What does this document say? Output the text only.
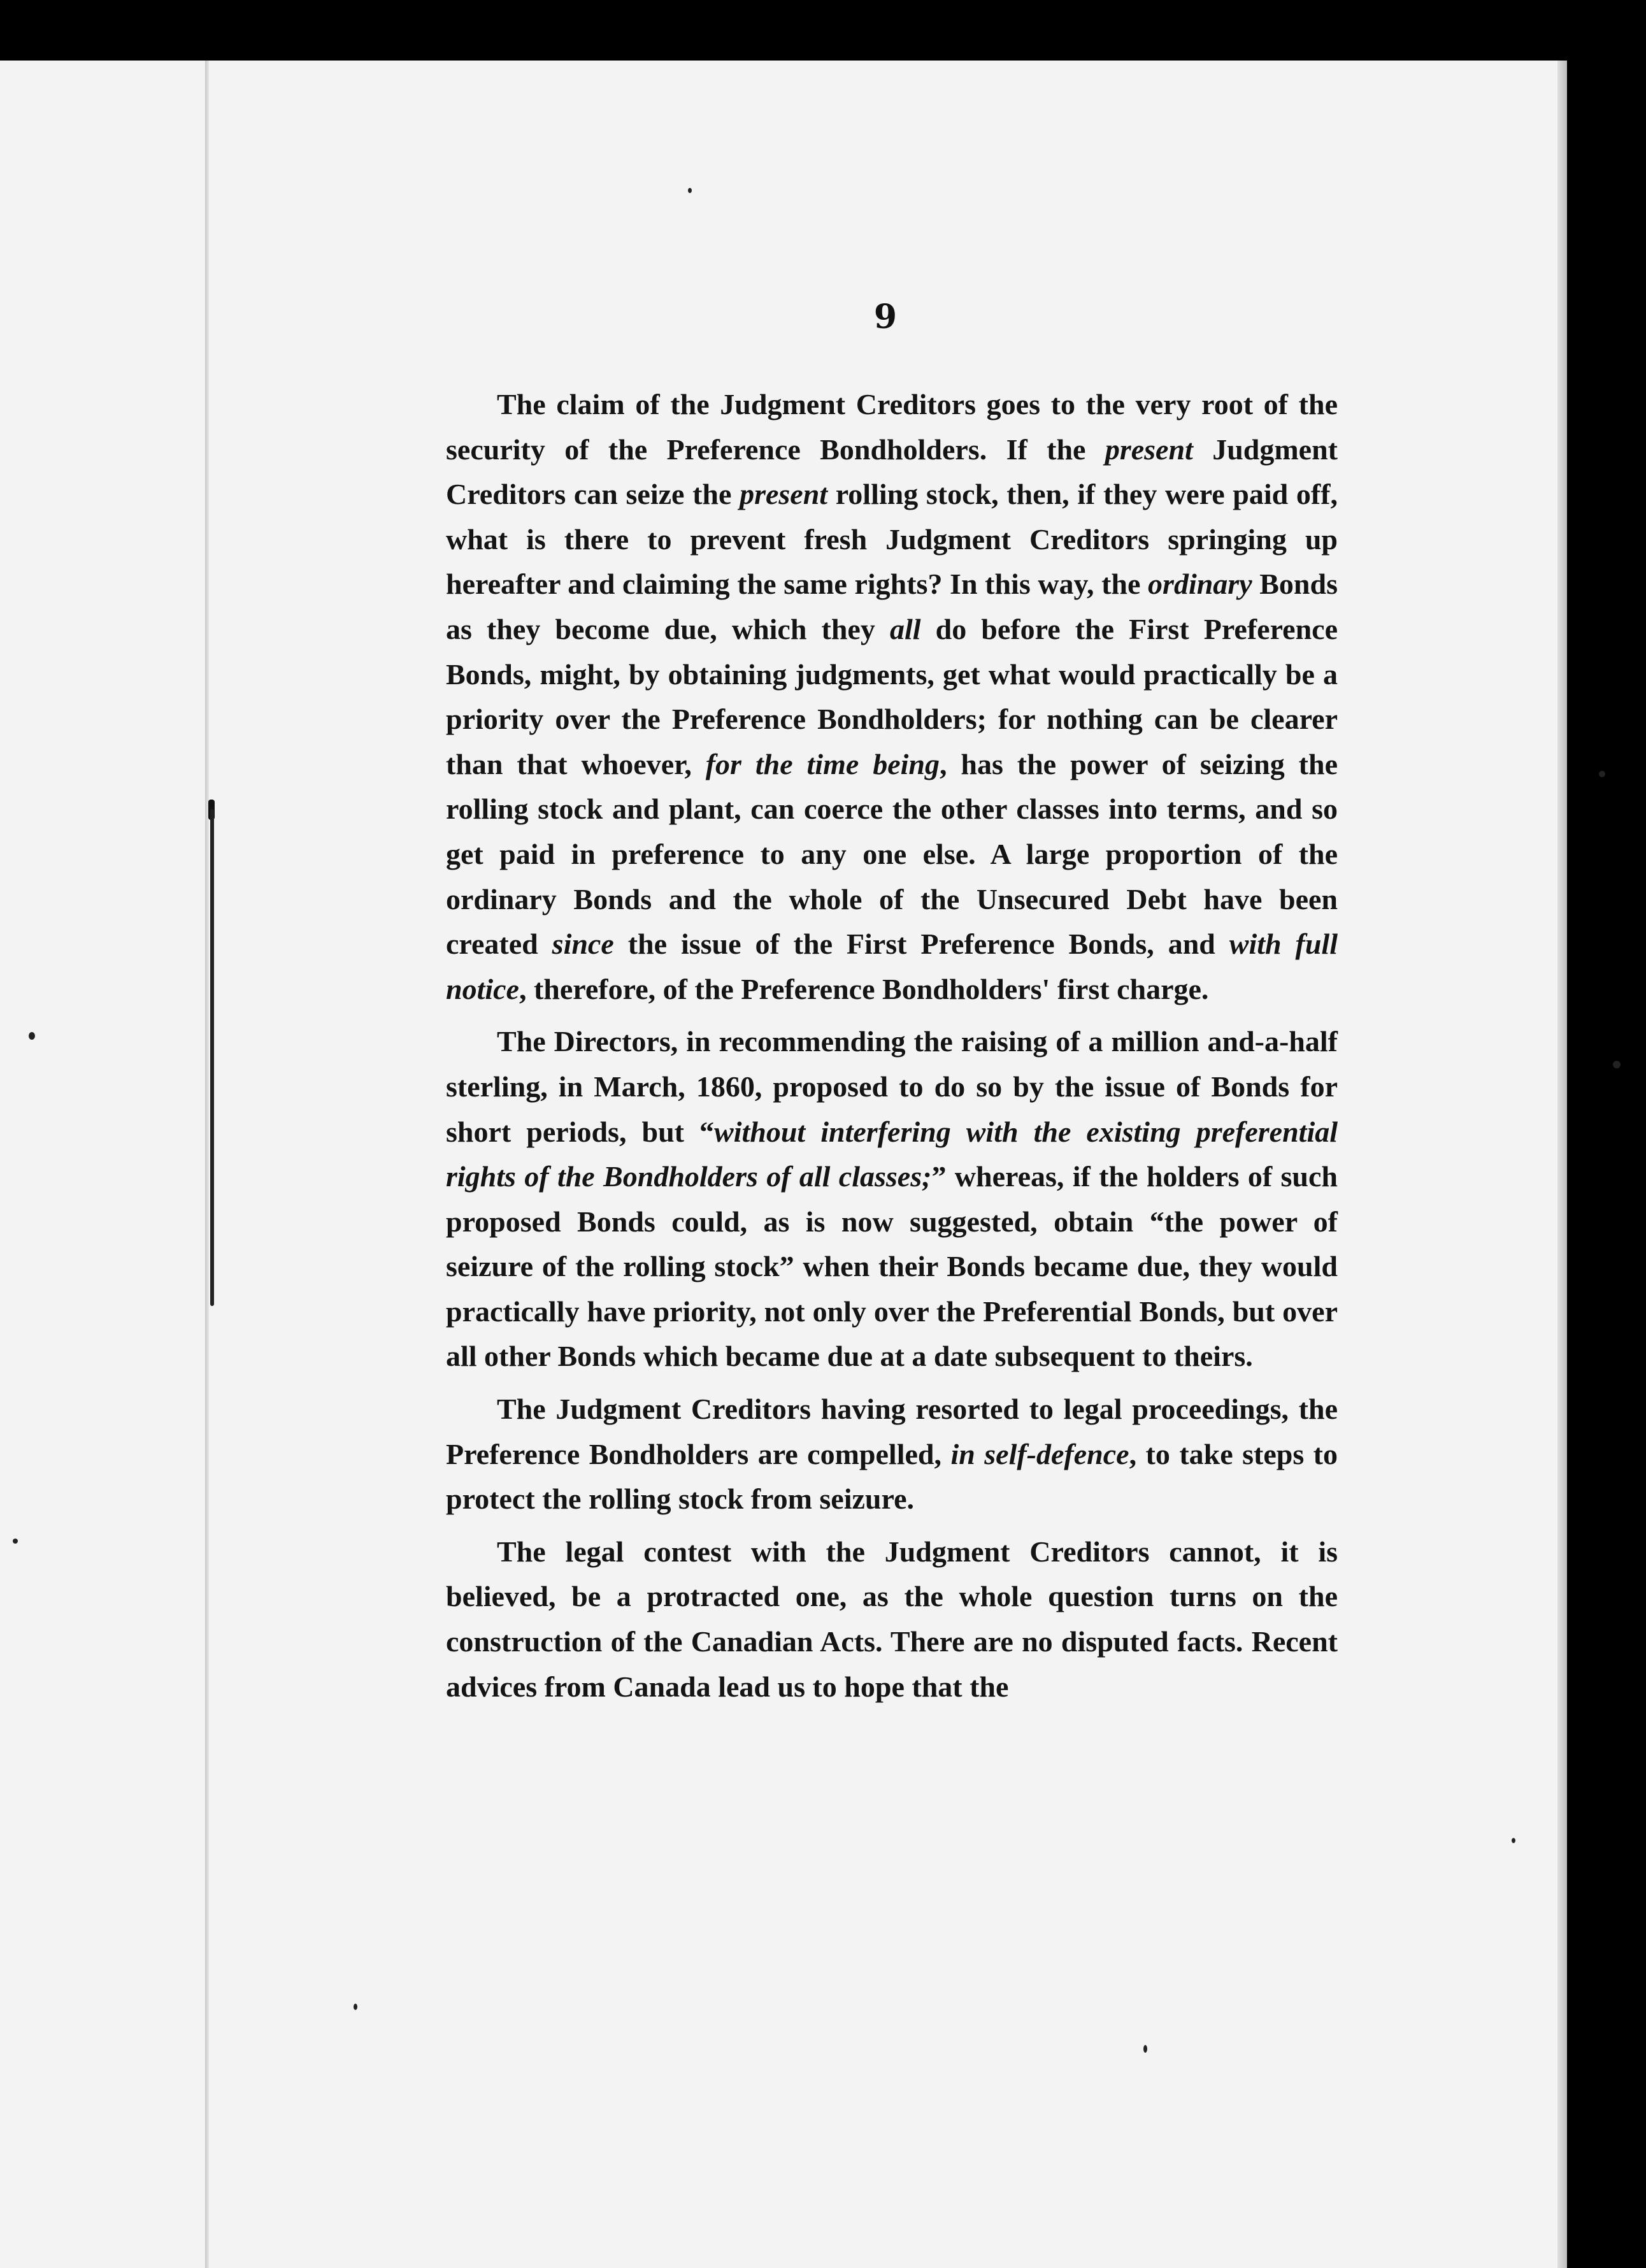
9

The claim of the Judgment Creditors goes to the very root of the security of the Preference Bondholders. If the present Judgment Creditors can seize the present rolling stock, then, if they were paid off, what is there to prevent fresh Judgment Creditors springing up hereafter and claiming the same rights? In this way, the ordinary Bonds as they become due, which they all do before the First Preference Bonds, might, by obtaining judgments, get what would practically be a priority over the Preference Bondholders; for nothing can be clearer than that whoever, for the time being, has the power of seizing the rolling stock and plant, can coerce the other classes into terms, and so get paid in preference to any one else. A large proportion of the ordinary Bonds and the whole of the Unsecured Debt have been created since the issue of the First Preference Bonds, and with full notice, therefore, of the Preference Bondholders' first charge.

The Directors, in recommending the raising of a million and-a-half sterling, in March, 1860, proposed to do so by the issue of Bonds for short periods, but “without interfering with the existing preferential rights of the Bondholders of all classes;” whereas, if the holders of such proposed Bonds could, as is now suggested, obtain “the power of seizure of the rolling stock” when their Bonds became due, they would practically have priority, not only over the Preferential Bonds, but over all other Bonds which became due at a date subsequent to theirs.

The Judgment Creditors having resorted to legal proceedings, the Preference Bondholders are compelled, in self-defence, to take steps to protect the rolling stock from seizure.

The legal contest with the Judgment Creditors cannot, it is believed, be a protracted one, as the whole question turns on the construction of the Canadian Acts. There are no disputed facts. Recent advices from Canada lead us to hope that the
